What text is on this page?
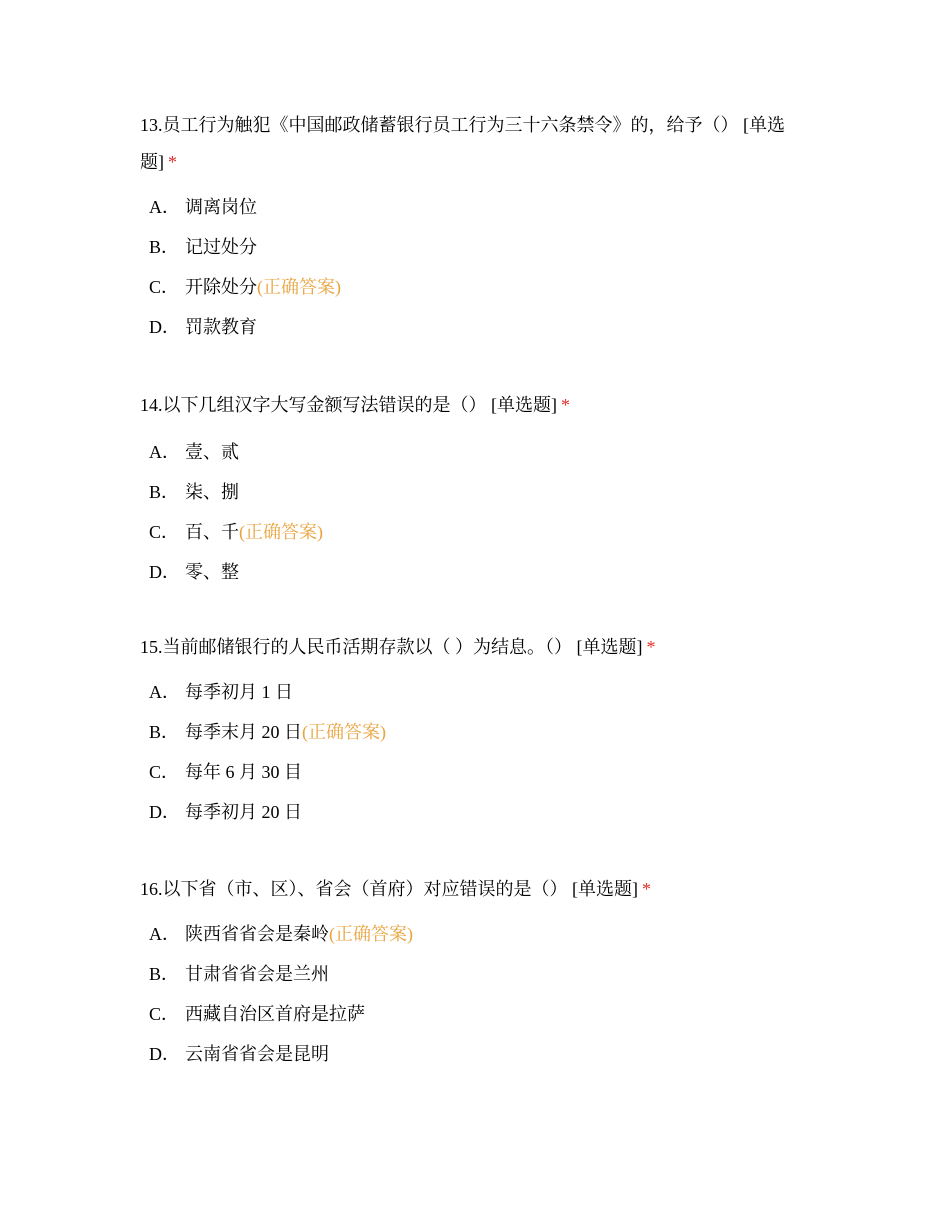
13.员工行为触犯《中国邮政储蓄银行员工行为三十六条禁令》的，给予（） [单选题] *

A． 调离岗位
B． 记过处分
C． 开除处分(正确答案)
D． 罚款教育

14.以下几组汉字大写金额写法错误的是（） [单选题] *

A． 壹、贰
B． 柒、捌
C． 百、千(正确答案)
D． 零、整

15.当前邮储银行的人民币活期存款以（ ）为结息。（） [单选题] *

A． 每季初月 1 日
B． 每季末月 20 日(正确答案)
C． 每年 6 月 30 目
D． 每季初月 20 日

16.以下省（市、区）、省会（首府）对应错误的是（） [单选题] *

A． 陕西省省会是秦岭(正确答案)
B． 甘肃省省会是兰州
C． 西藏自治区首府是拉萨
D． 云南省省会是昆明
